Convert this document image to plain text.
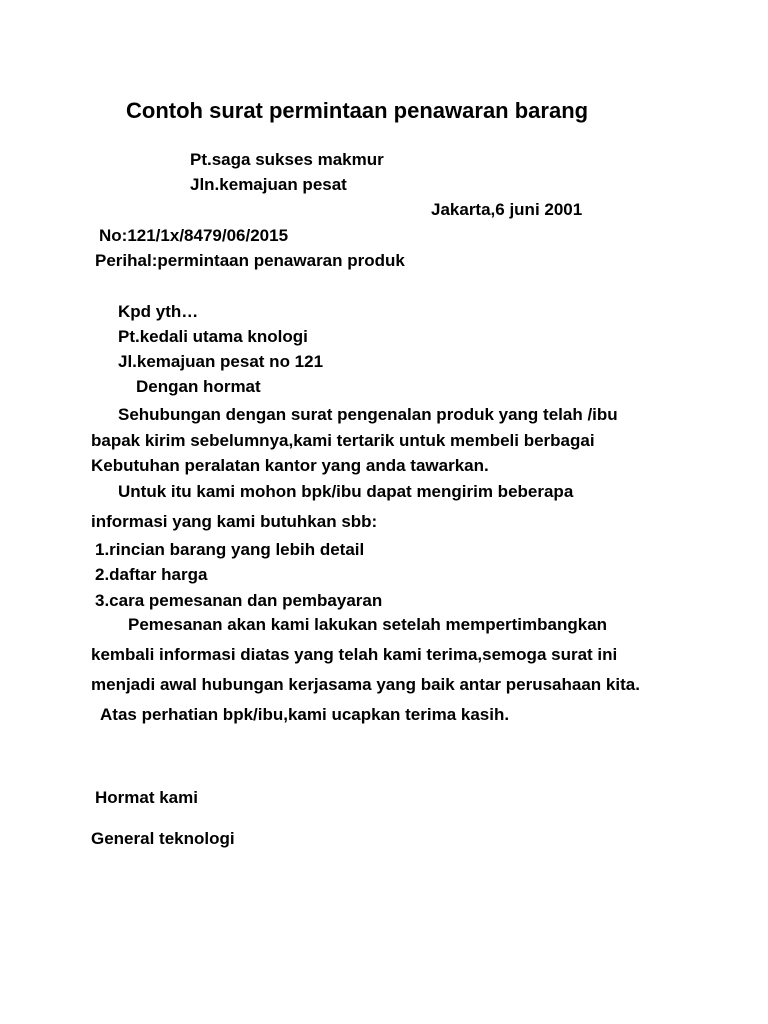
Contoh surat permintaan penawaran barang
Pt.saga sukses makmur
Jln.kemajuan pesat
Jakarta,6 juni 2001
No:121/1x/8479/06/2015
Perihal:permintaan penawaran produk
Kpd yth…
Pt.kedali utama knologi
Jl.kemajuan pesat no 121
Dengan hormat
Sehubungan dengan surat pengenalan produk yang telah /ibu
bapak kirim sebelumnya,kami tertarik untuk membeli berbagai
Kebutuhan peralatan kantor yang anda tawarkan.
Untuk itu kami mohon bpk/ibu dapat mengirim beberapa
informasi yang kami butuhkan sbb:
1.rincian barang yang lebih detail
2.daftar harga
3.cara pemesanan dan pembayaran
Pemesanan akan kami lakukan setelah mempertimbangkan
kembali informasi diatas yang telah kami terima,semoga surat ini
menjadi awal hubungan kerjasama yang baik antar perusahaan kita.
Atas perhatian bpk/ibu,kami ucapkan terima kasih.
Hormat kami
General teknologi
